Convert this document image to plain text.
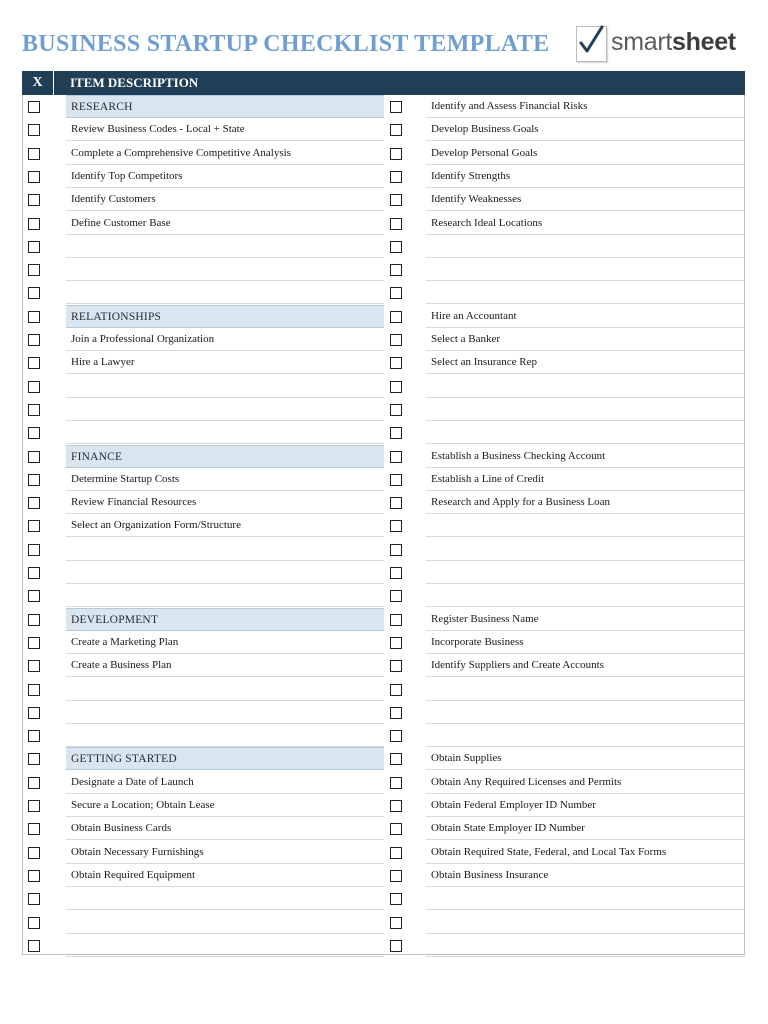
BUSINESS STARTUP CHECKLIST TEMPLATE smartsheet
X	ITEM DESCRIPTION
RESEARCH
Review Business Codes - Local + State
Complete a Comprehensive Competitive Analysis
Identify Top Competitors
Identify Customers
Define Customer Base
RELATIONSHIPS
Join a Professional Organization
Hire a Lawyer
FINANCE
Determine Startup Costs
Review Financial Resources
Select an Organization Form/Structure
DEVELOPMENT
Create a Marketing Plan
Create a Business Plan
GETTING STARTED
Designate a Date of Launch
Secure a Location; Obtain Lease
Obtain Business Cards
Obtain Necessary Furnishings
Obtain Required Equipment
Identify and Assess Financial Risks
Develop Business Goals
Develop Personal Goals
Identify Strengths
Identify Weaknesses
Research Ideal Locations
Hire an Accountant
Select a Banker
Select an Insurance Rep
Establish a Business Checking Account
Establish a Line of Credit
Research and Apply for a Business Loan
Register Business Name
Incorporate Business
Identify Suppliers and Create Accounts
Obtain Supplies
Obtain Any Required Licenses and Permits
Obtain Federal Employer ID Number
Obtain State Employer ID Number
Obtain Required State, Federal, and Local Tax Forms
Obtain Business Insurance
